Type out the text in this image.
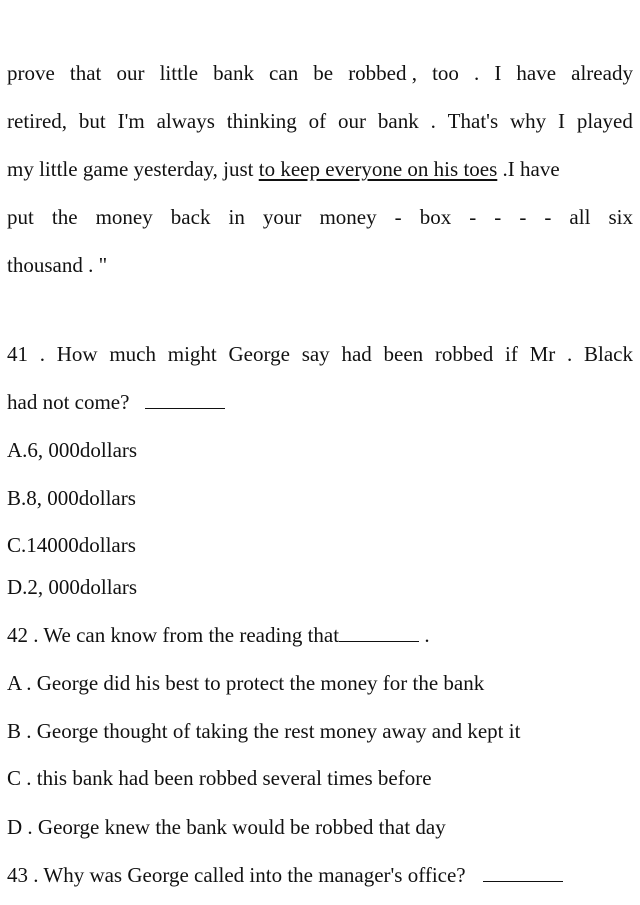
prove that our little bank can be robbed , too . I have already
retired, but I'm always thinking of our bank . That's why I played
my little game yesterday, just to keep everyone on his toes .I have
put the money back in your money - box - - - - all six
thousand . "
41 . How much might George say had been robbed if Mr . Black
had not come?
A.6, 000dollars
B.8, 000dollars
C.14000dollars
D.2, 000dollars
42 . We can know from the reading that	.
A . George did his best to protect the money for the bank
B . George thought of taking the rest money away and kept it
C . this bank had been robbed several times before
D . George knew the bank would be robbed that day
43 . Why was George called into the manager's office?
